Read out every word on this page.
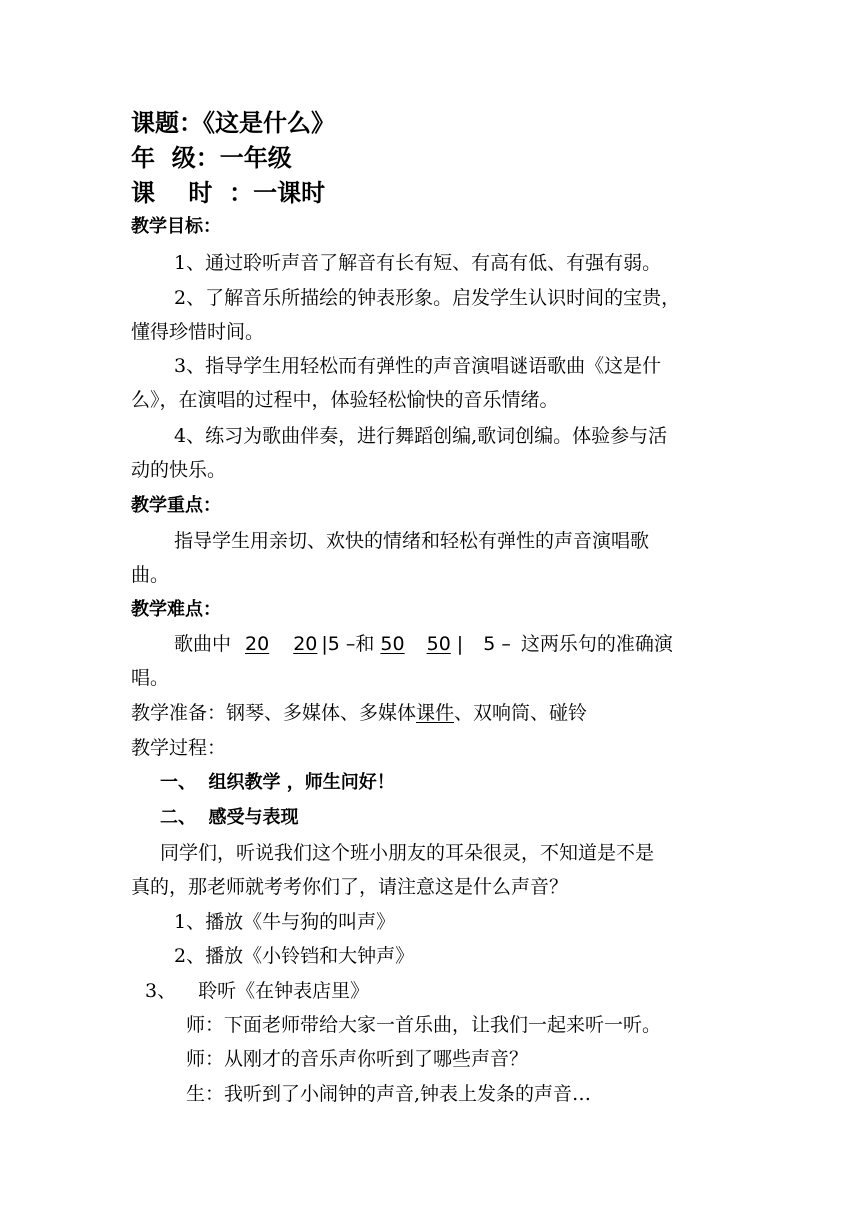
课题：《这是什么》
年  级：一年级
课    时  ：一课时
教学目标：
1、通过聆听声音了解音有长有短、有高有低、有强有弱。
2、了解音乐所描绘的钟表形象。启发学生认识时间的宝贵，
懂得珍惜时间。
3、指导学生用轻松而有弹性的声音演唱谜语歌曲《这是什
么》，在演唱的过程中，体验轻松愉快的音乐情绪。
4、练习为歌曲伴奏，进行舞蹈创编,歌词创编。体验参与活
动的快乐。
教学重点：
指导学生用亲切、欢快的情绪和轻松有弹性的声音演唱歌
曲。
教学难点：
歌曲中 20 20 |5 –和 50 50 | 5 – 这两乐句的准确演
唱。
教学准备：钢琴、多媒体、多媒体课件、双响筒、碰铃
教学过程：
一、  组织教学 ，师生问好！
二、  感受与表现
同学们，听说我们这个班小朋友的耳朵很灵，不知道是不是
真的，那老师就考考你们了，请注意这是什么声音？
1、播放《牛与狗的叫声》
2、播放《小铃铛和大钟声》
3、 聆听《在钟表店里》
师：下面老师带给大家一首乐曲，让我们一起来听一听。
师：从刚才的音乐声你听到了哪些声音？
生：我听到了小闹钟的声音,钟表上发条的声音…
